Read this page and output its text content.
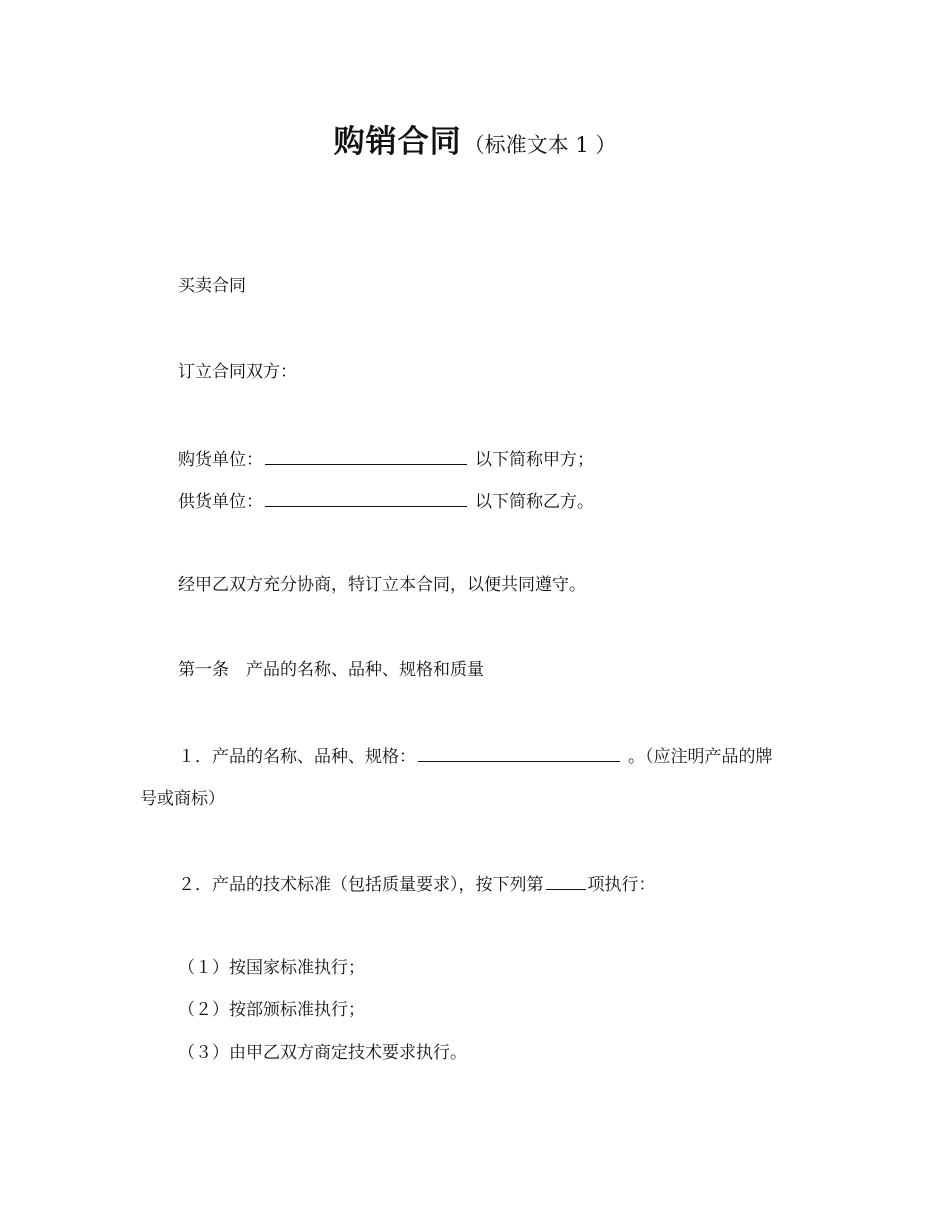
购销合同（标准文本 1 ）
买卖合同
订立合同双方：
购货单位：	以下简称甲方；
供货单位：	以下简称乙方。
经甲乙双方充分协商，特订立本合同，以便共同遵守。
第一条　产品的名称、品种、规格和质量
１．产品的名称、品种、规格：	。（应注明产品的牌
号或商标）
２．产品的技术标准（包括质量要求），按下列第	项执行：
（１）按国家标准执行；
（２）按部颁标准执行；
（３）由甲乙双方商定技术要求执行。
